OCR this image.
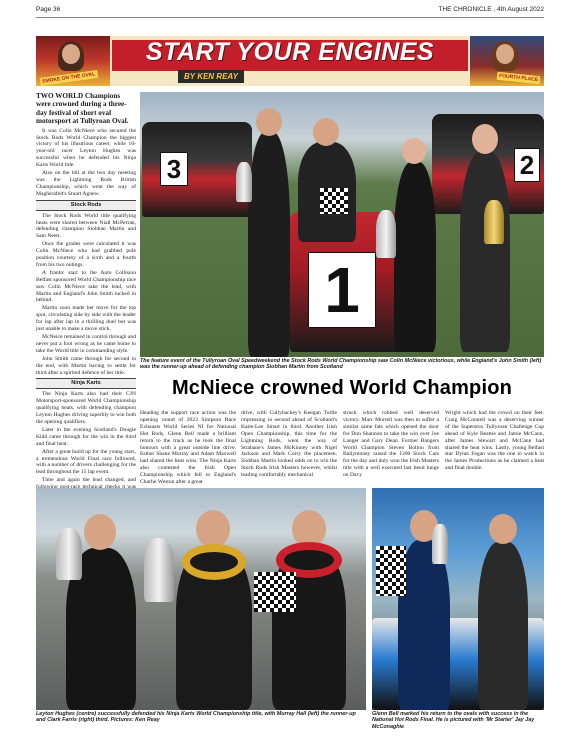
Page 36	THE CHRONICLE , 4th August 2022
SMOKE ON THE OVAL
START YOUR ENGINES
BY KEN REAY	FOURTH PLACE

TWO WORLD Champions were crowned during a three-day festival of short oval motorsport at Tullyroan Oval.

It was Colin McNiece who secured the Stock Rods World Champion the biggest victory of his illustrious career, while 10-year-old racer Leyton Hughes was successful when he defended his Ninja Karts World title.

Also on the bill at the two day meeting was the Lightning Rods British Championship, which went the way of Magherafelt's Stuart Agnew.

Stock Rods

The Stock Rods World title qualifying heats were shared between Niall McPerran, defending champion Siobhan Martin and Sam Neter.

Once the grades were calculated it was Colin McNiece who had grabbed pole position courtesy of a sixth and a fourth from his two outings.

A frantic start to the Auto Collision Belfast sponsored World Championship race saw Colin McNiece take the lead, with Martin and England's John Smith tucked in behind.

Martin soon made her move for the top spot, circulating side by side with the leader for lap after lap in a thrilling duel but was just unable to make a move stick.

McNeice remained in control through and never put a foot wrong as he came home to take the World title in commanding style.

John Smith came through for second in the end, with Martin having to settle for third after a spirited defence of her title.

Ninja Karts

The Ninja Karts also had their CJN Motorsport-sponsored World Championship qualifying heats, with defending champion Leyton Hughes driving superbly to win both the opening qualifiers.

Later in the evening Scotland's Dougie Kidd came through for the win in the third and final heat.

After a great build up for the young stars, a tremendous World Final race followed, with a number of drivers challenging for the lead throughout the 15 lap event.

Time and again the lead changed, and

3
1
2
The feature event of the Tullyroan Oval Speedweekend the Stock Rods World Championship saw Colin McNiece victorious, while England's John Smith (left) was the runner-up ahead of defending champion Siobhan Martin from Scotland
McNiece crowned World Champion

Heading the support race action was the opening round of 2023 Simpson Race Exhausts World Series NI for National Hot Rods, Glenn Bell made a brilliant return to the track as he took the final honours with a great outside line drive. Esther Shane Murray and Adam Maxwell had shared the heat wins. The Ninja Karts also contested the Irish Open Championship which fell to England's Charlie Weston after a great

drive, with Cullybackey's Keegan Turtle impressing in second ahead of Scotland's Katie-Lee Smart in third. Another Irish Open Championship, this time for the Lightning Rods, went the way of Strabane's James McKinney with Nigel Jackson and Mark Corry the placemen. Siobhan Martin looked odds on to win the Stock Rods Irish Masters however, whilst leading comfortably mechanical

struck which robbed well deserved victory. Marc Morrell was then to suffer a similar same fate which opened the door for Don Shannon to take the win over Joe Langer and Gary Dean. Former Bangers World Champion Steven Bolton from Ballymoney raised the 1300 Stock Cars for the day and duly won the Irish Masters title with a well executed last bend lunge on Davy

Wright which had the crowd on their feet. Craig McConnell was a deserving winner of the Superstox Tullyroan Challenge Cup ahead of Kyle Beattie and Jamie McCann, after James Stewart and McCann had shared the heat wins. Lastly, young Belfast star Dylan Fegan was the one to watch in the James Productions as he claimed a heat and final double.

Leyton Hughes (centre) successfully defended his Ninja Karts World Championship title, with Murray Hall (left) the runner-up and Clark Farris (right) third. Pictures: Ken Reay
Glenn Bell marked his return to the ovals with success in the National Hot Rods Final. He is pictured with 'Mr Starter' Jay Jay McConaghie
